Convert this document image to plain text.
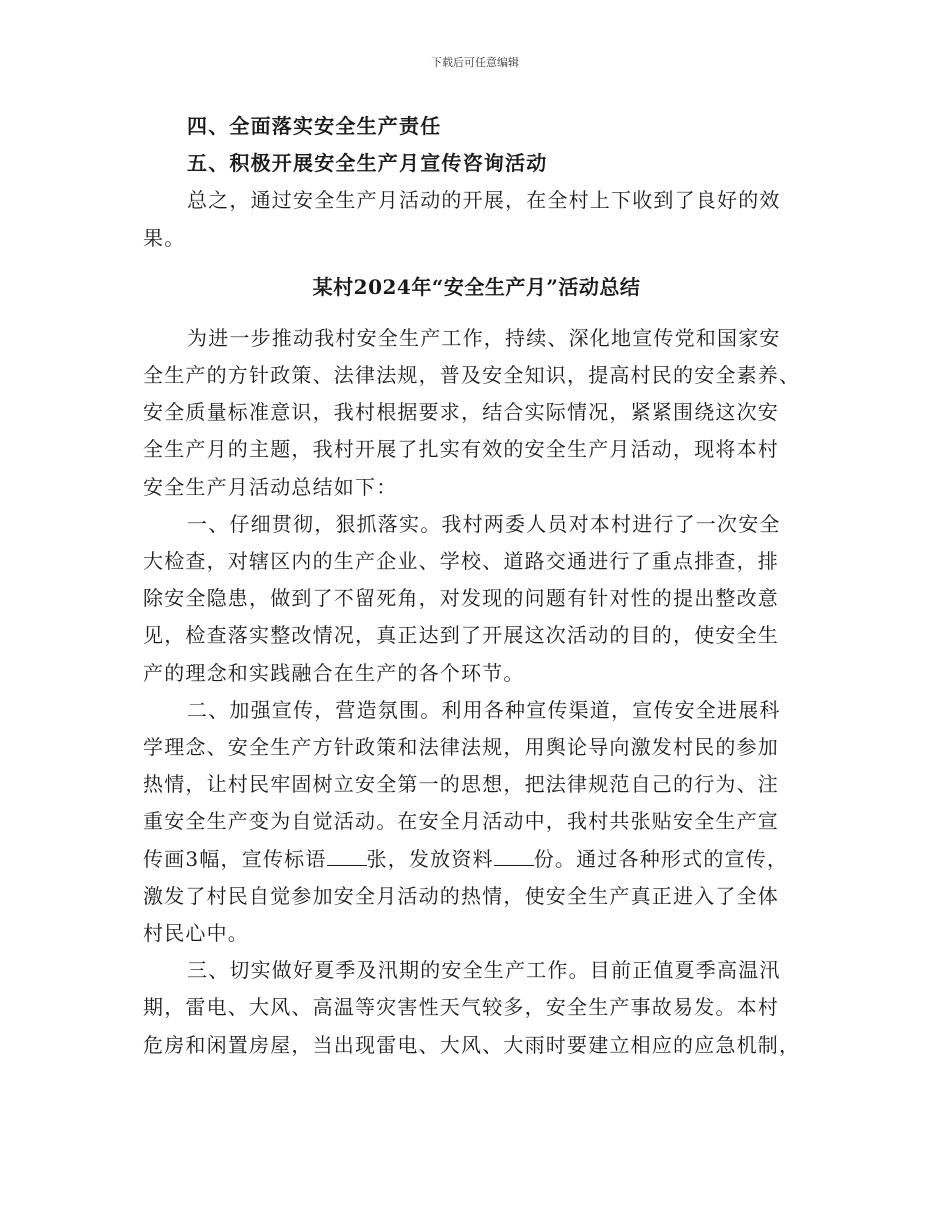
下载后可任意编辑
四、全面落实安全生产责任
五、积极开展安全生产月宣传咨询活动
总之，通过安全生产月活动的开展，在全村上下收到了良好的效
果。
某村2024年“安全生产月”活动总结
为进一步推动我村安全生产工作，持续、深化地宣传党和国家安
全生产的方针政策、法律法规，普及安全知识，提高村民的安全素养、
安全质量标准意识，我村根据要求，结合实际情况，紧紧围绕这次安
全生产月的主题，我村开展了扎实有效的安全生产月活动，现将本村
安全生产月活动总结如下：
一、仔细贯彻，狠抓落实。我村两委人员对本村进行了一次安全
大检查，对辖区内的生产企业、学校、道路交通进行了重点排查，排
除安全隐患，做到了不留死角，对发现的问题有针对性的提出整改意
见，检查落实整改情况，真正达到了开展这次活动的目的，使安全生
产的理念和实践融合在生产的各个环节。
二、加强宣传，营造氛围。利用各种宣传渠道，宣传安全进展科
学理念、安全生产方针政策和法律法规，用舆论导向激发村民的参加
热情，让村民牢固树立安全第一的思想，把法律规范自己的行为、注
重安全生产变为自觉活动。在安全月活动中，我村共张贴安全生产宣
传画3幅，宣传标语 张，发放资料 份。通过各种形式的宣传，
激发了村民自觉参加安全月活动的热情，使安全生产真正进入了全体
村民心中。
三、切实做好夏季及汛期的安全生产工作。目前正值夏季高温汛
期，雷电、大风、高温等灾害性天气较多，安全生产事故易发。本村
危房和闲置房屋，当出现雷电、大风、大雨时要建立相应的应急机制，
